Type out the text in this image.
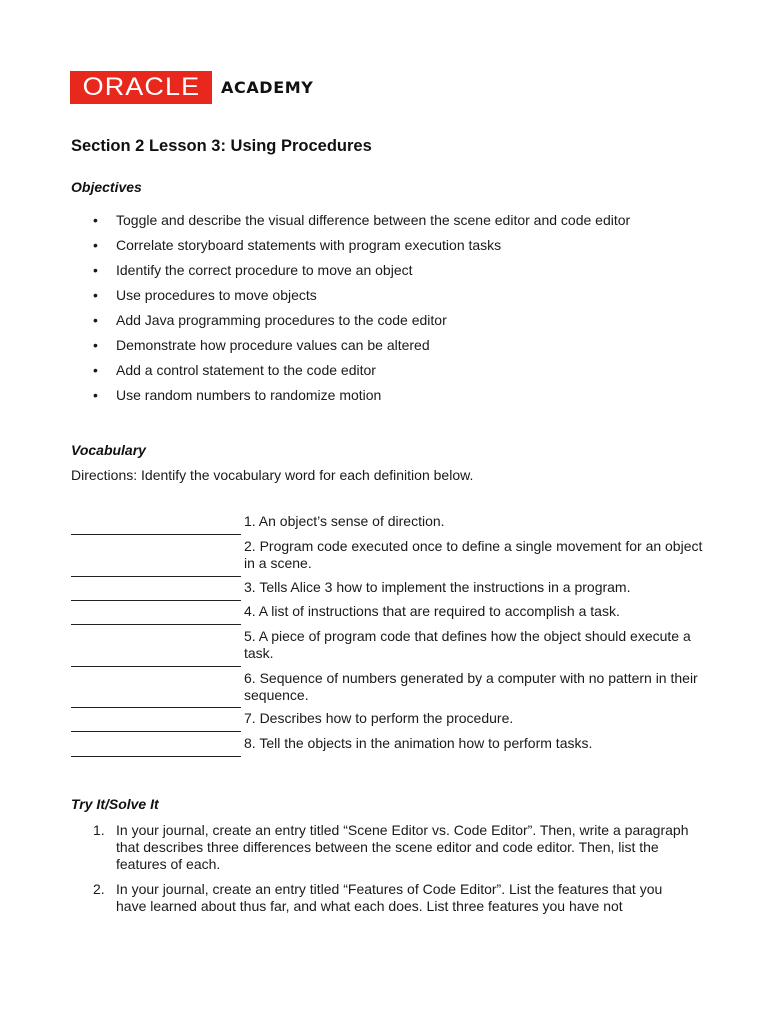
ORACLE ACADEMY
Section 2 Lesson 3: Using Procedures
Objectives
• Toggle and describe the visual difference between the scene editor and code editor
• Correlate storyboard statements with program execution tasks
• Identify the correct procedure to move an object
• Use procedures to move objects
• Add Java programming procedures to the code editor
• Demonstrate how procedure values can be altered
• Add a control statement to the code editor
• Use random numbers to randomize motion
Vocabulary
Directions: Identify the vocabulary word for each definition below.
1. An object’s sense of direction.
2. Program code executed once to define a single movement for an object in a scene.
3. Tells Alice 3 how to implement the instructions in a program.
4. A list of instructions that are required to accomplish a task.
5. A piece of program code that defines how the object should execute a task.
6. Sequence of numbers generated by a computer with no pattern in their sequence.
7. Describes how to perform the procedure.
8. Tell the objects in the animation how to perform tasks.
Try It/Solve It
1. In your journal, create an entry titled “Scene Editor vs. Code Editor”. Then, write a paragraph that describes three differences between the scene editor and code editor. Then, list the features of each.
2. In your journal, create an entry titled “Features of Code Editor”. List the features that you have learned about thus far, and what each does. List three features you have not
